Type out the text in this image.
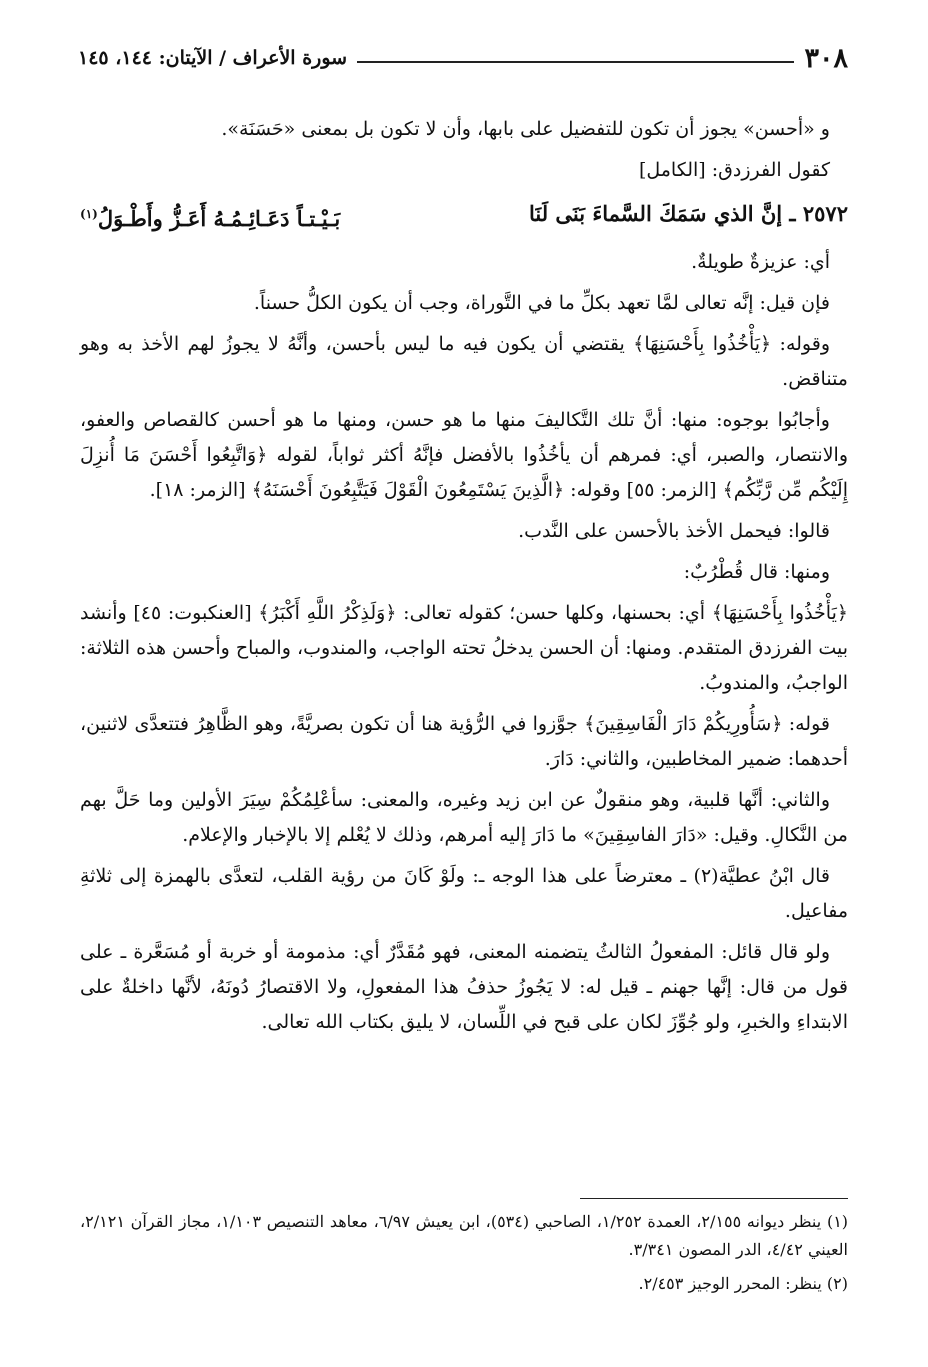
٣٠٨
سورة الأعراف / الآيتان: ١٤٤، ١٤٥

و «أحسن» يجوز أن تكون للتفضيل على بابها، وأن لا تكون بل بمعنى «حَسَنَة».

كقول الفرزدق: [الكامل]

٢٥٧٢ ـ إنَّ الذي سَمَكَ السَّماءَ بَنَى لَنَا
بَـيْـتـاً دَعَـائِـمُـهُ أَعَـزُّ وأَطْـوَلُ$^{(١)}$

أي: عزيزةٌ طويلةٌ.

فإن قيل: إنَّه تعالى لمَّا تعهد بكلِّ ما في التَّوراة، وجب أن يكون الكلُّ حسناً.

وقوله: ﴿يَأْخُذُوا بِأَحْسَنِهَا﴾ يقتضي أن يكون فيه ما ليس بأحسن، وأنَّهُ لا يجوزُ لهم الأخذ به وهو متناقض.

وأجابُوا بوجوه: منها: أنَّ تلك التَّكاليفَ منها ما هو حسن، ومنها ما هو أحسن كالقصاص والعفو، والانتصار، والصبر، أي: فمرهم أن يأخُذُوا بالأفضل فإنَّهُ أكثر ثواباً، لقوله ﴿وَاتَّبِعُوا أَحْسَنَ مَا أُنزِلَ إِلَيْكُم مِّن رَّبِّكُم﴾ [الزمر: ٥٥] وقوله: ﴿الَّذِينَ يَسْتَمِعُونَ الْقَوْلَ فَيَتَّبِعُونَ أَحْسَنَهُ﴾ [الزمر: ١٨].

قالوا: فيحمل الأخذ بالأحسن على النَّدب.

ومنها: قال قُطْرُبٌ:

﴿يَأْخُذُوا بِأَحْسَنِهَا﴾ أي: بحسنها، وكلها حسن؛ كقوله تعالى: ﴿وَلَذِكْرُ اللَّهِ أَكْبَرُ﴾ [العنكبوت: ٤٥] وأنشد بيت الفرزدق المتقدم. ومنها: أن الحسن يدخلُ تحته الواجب، والمندوب، والمباح وأحسن هذه الثلاثة: الواجبُ، والمندوبُ.

قوله: ﴿سَأُورِيكُمْ دَارَ الْفَاسِقِينَ﴾ جوَّزوا في الرُّؤية هنا أن تكون بصريَّةً، وهو الظَّاهِرُ فتتعدَّى لاثنين، أحدهما: ضمير المخاطبين، والثاني: دَارَ.

والثاني: أنَّها قلبية، وهو منقولٌ عن ابن زيد وغيره، والمعنى: سأعْلِمُكُمْ سِيَرَ الأولين وما حَلَّ بهم من النَّكالِ. وقيل: «دَارَ الفاسِقِينَ» ما دَارَ إليه أمرهم، وذلك لا يُعْلم إلا بالإخبار والإعلام.

قال ابْنُ عطيَّة(٢) ـ معترضاً على هذا الوجه ـ: ولَوْ كَانَ من رؤية القلب، لتعدَّى بالهمزة إلى ثلاثةِ مفاعيل.

ولو قال قائل: المفعولُ الثالثُ يتضمنه المعنى، فهو مُقَدَّرٌ أي: مذمومة أو خربة أو مُسَعَّرة ـ على قول من قال: إنَّها جهنم ـ قيل له: لا يَجُوزُ حذفُ هذا المفعولِ، ولا الاقتصارُ دُونَهُ، لأنَّها داخلةٌ على الابتداءِ والخبرِ، ولو جُوِّزَ لكان على قبح في اللِّسان، لا يليق بكتاب الله تعالى.

(١) ينظر ديوانه ٢/١٥٥، العمدة ١/٢٥٢، الصاحبي (٥٣٤)، ابن يعيش ٦/٩٧، معاهد التنصيص ١/١٠٣، مجاز القرآن ٢/١٢١، العيني ٤/٤٢، الدر المصون ٣/٣٤١.

(٢) ينظر: المحرر الوجيز ٢/٤٥٣.
